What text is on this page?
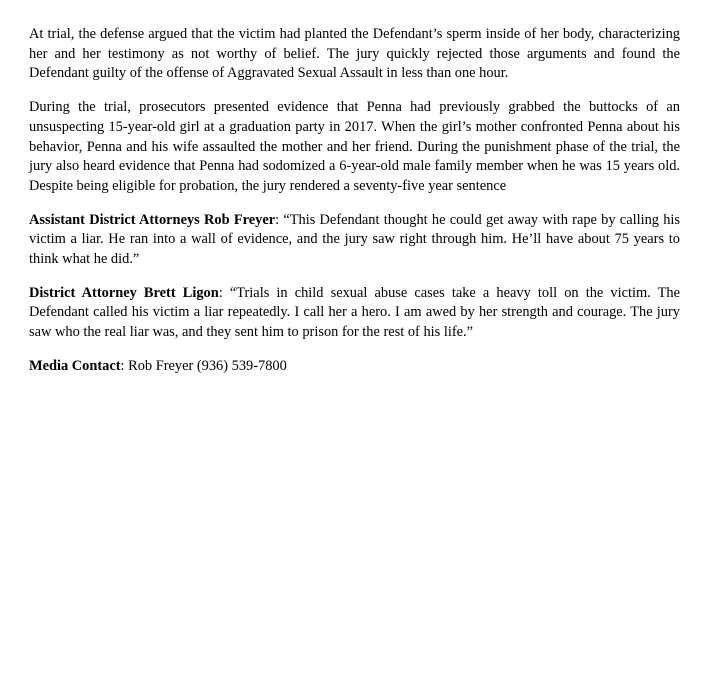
At trial, the defense argued that the victim had planted the Defendant’s sperm inside of her body, characterizing her and her testimony as not worthy of belief. The jury quickly rejected those arguments and found the Defendant guilty of the offense of Aggravated Sexual Assault in less than one hour.

During the trial, prosecutors presented evidence that Penna had previously grabbed the buttocks of an unsuspecting 15-year-old girl at a graduation party in 2017. When the girl’s mother confronted Penna about his behavior, Penna and his wife assaulted the mother and her friend. During the punishment phase of the trial, the jury also heard evidence that Penna had sodomized a 6-year-old male family member when he was 15 years old. Despite being eligible for probation, the jury rendered a seventy-five year sentence

Assistant District Attorneys Rob Freyer: “This Defendant thought he could get away with rape by calling his victim a liar. He ran into a wall of evidence, and the jury saw right through him. He’ll have about 75 years to think what he did.”

District Attorney Brett Ligon: “Trials in child sexual abuse cases take a heavy toll on the victim. The Defendant called his victim a liar repeatedly. I call her a hero. I am awed by her strength and courage. The jury saw who the real liar was, and they sent him to prison for the rest of his life.”

Media Contact: Rob Freyer (936) 539-7800
